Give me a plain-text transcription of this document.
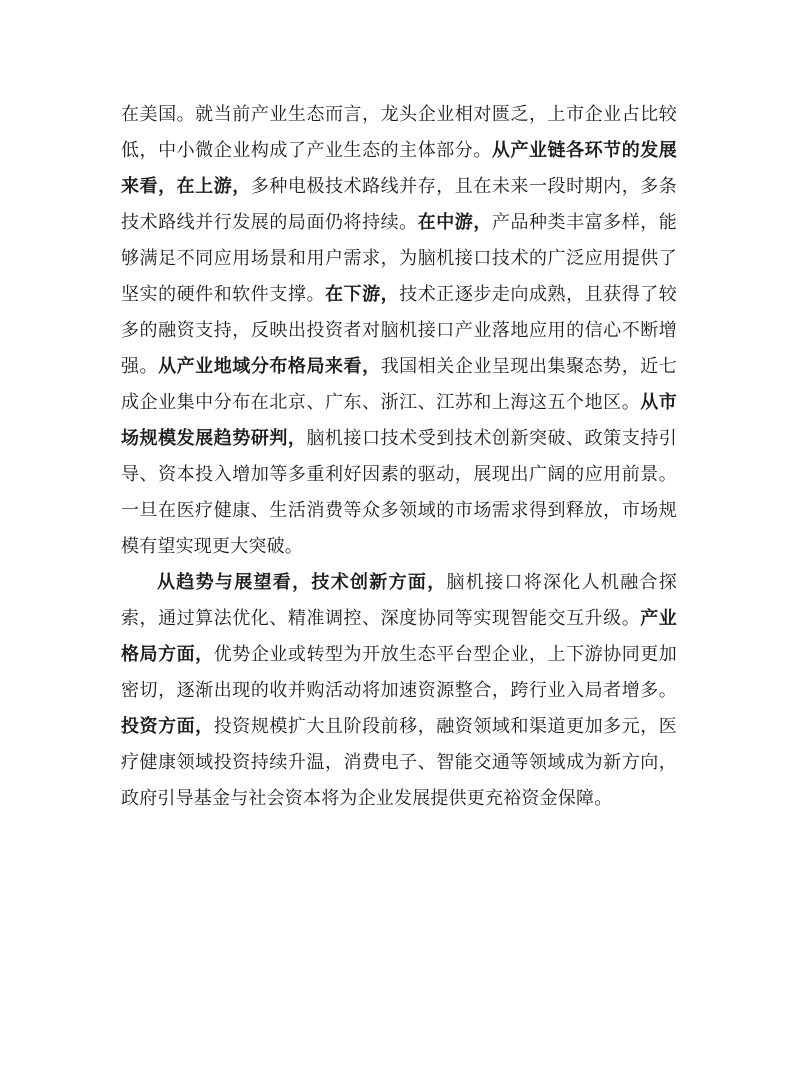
在美国。就当前产业生态而言，龙头企业相对匮乏，上市企业占比较低，中小微企业构成了产业生态的主体部分。从产业链各环节的发展来看，在上游，多种电极技术路线并存，且在未来一段时期内，多条技术路线并行发展的局面仍将持续。在中游，产品种类丰富多样，能够满足不同应用场景和用户需求，为脑机接口技术的广泛应用提供了坚实的硬件和软件支撑。在下游，技术正逐步走向成熟，且获得了较多的融资支持，反映出投资者对脑机接口产业落地应用的信心不断增强。从产业地域分布格局来看，我国相关企业呈现出集聚态势，近七成企业集中分布在北京、广东、浙江、江苏和上海这五个地区。从市场规模发展趋势研判，脑机接口技术受到技术创新突破、政策支持引导、资本投入增加等多重利好因素的驱动，展现出广阔的应用前景。一旦在医疗健康、生活消费等众多领域的市场需求得到释放，市场规模有望实现更大突破。

从趋势与展望看，技术创新方面，脑机接口将深化人机融合探索，通过算法优化、精准调控、深度协同等实现智能交互升级。产业格局方面，优势企业或转型为开放生态平台型企业，上下游协同更加密切，逐渐出现的收并购活动将加速资源整合，跨行业入局者增多。投资方面，投资规模扩大且阶段前移，融资领域和渠道更加多元，医疗健康领域投资持续升温，消费电子、智能交通等领域成为新方向，政府引导基金与社会资本将为企业发展提供更充裕资金保障。
